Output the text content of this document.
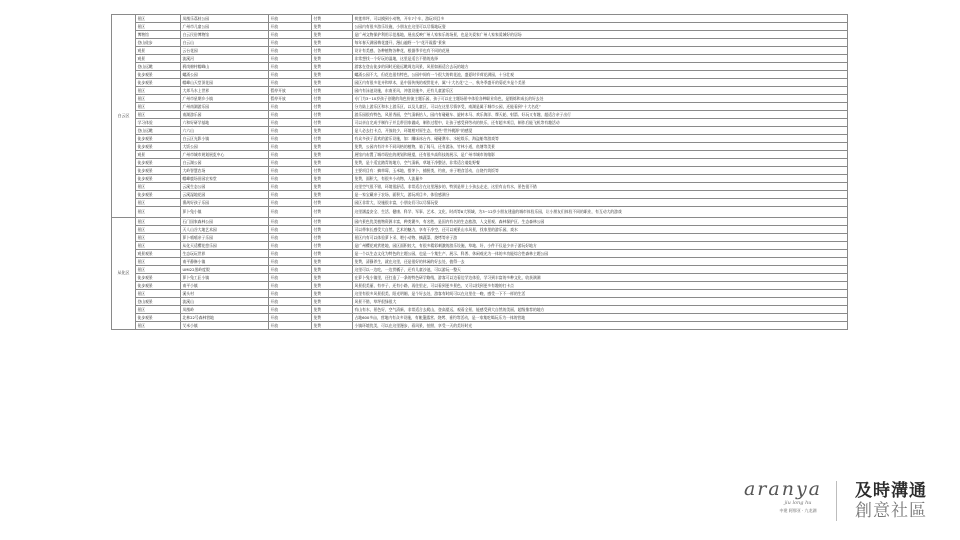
白云区	景区	凤凰乐荔枝公园	开放	付费	荷莲草坪，可以摸到小动物，开车7个车，游玩项目多
	景区	广州市儿童公园	开放	免费	公园内有很多游乐设施，小朋友在这里可以尽情地玩耍
	博物馆	白云民俗博物馆	开放	免费	是广州文物保护利用示范基地，展出反映广州人家家乐的场景，也是关爱家广州人家家爱城好的居场
	登山徒步	白云山	开放	免费	每年春天满园梅花盛开，漫山遍野一个“花开雨露”景象
	观景	云台花园	开放	付费	设计有美感，各种植物各种花，根据季节也有不同的花展
	观景	流溪河	开放	免费	非常想找一个好玩的湿地，这里是适合不错的选择
	登山远眺	鸦岗棉村帽峰山	开放	免费	游客在登山徒步的同时还能远眺周边风景，风景如画适合去玩的地方
	徒步观景	螺涌公园	开放	免费	螺涌公园不大，但花也很有特色，公园中间有一个很大的荷花池，盛夏时节荷花满园，十分壮观
	徒步观景	帽峰山天堂顶花园	开放	免费	园区内有很多花卉和草木，是中国传统的观赏花卉，属“十大名花”之一，秋冬季盛开的菊花多是个美景
	景区	大邦马水上世界	暂停开放	付费	园内有泳池设施，东南亚风，冲浪设施多，还有儿童游乐区
	景区	广州市星期乡小镇	暂停开放	付费	专门为3~10岁孩子创建的角色扮演主题乐园，孩子可以在主题场景中体验各种职业角色，是锻炼和成长的好去处
	景区	广州南湖游乐园	开放	付费	分为陆上游乐区和水上游乐区，以及儿童区，可以在这里尽情享受，南湖是属于城市公园，还能看到“十大名花”
	景区	南湖游乐园	开放	付费	游乐园很有特色，风景秀丽，空气清新怡人，园内有碰碰车、旋转木马、欢乐海洋、摩天轮、射箭、好玩又有趣，超适合亲子出行
	学习体验	六和好研学基地	开放	付费	可以亲自完成手制作子并且带回家做成，制作过程中，让孩子感受到劳动的快乐，还有超多项目，制作后能飞机等有趣活动
	登山远眺	六六山	开放	免费	是人必去打卡点，开放较少，环境相对原生态，有些“世外桃源”的感觉
	徒步观景	白云区光影小镇	开放	付费	有众多孩子喜欢的游乐设施，如：蹦床冰台内、碰碰赛车、水枪娱乐，海盗船等游戏等
	徒步观景	大饭公园	开放	免费	免费，公园内有许多不同风格的植物，骑了骑马，还有游泳，竹林小道，鱼塘等美景
	观景	广州市城市规划展览中心	开放	免费	展馆内布置了城市现在的规划和展望，还有很多高科技的展示，是广州市城市的缩影
	徒步观景	白云湖公园	开放	免费	免费，是个适宜踏青的地方，空气清新，草地干净整洁，非常适合遛娃野餐
	徒步观景	大岭智慧农场	开放	付费	主要项目有：摘草莓，玉米地，搭茅卜，捕捞类，钓鱼，亲子喂食活动，自烧竹筒饭等
	徒步观景	帽峰鹿场田园农家堂	开放	免费	免费，面积大，有很多小动物，人流量多
	景区	云溪生态公园	开放	免费	这里空气很不错，环境很舒适，非常适合在这里漫步的，特别是带上小孩去走走，这里有山有水，景色很不错
	徒步观景	云溪湿地花园	开放	免费	是一家宝藏亲子农场，面积大，游玩项目多，体验感满分
	景区	番禺好孩子乐园	开放	付费	园区非常大，设施很丰富，小朋友们可以尽情玩耍
	景区	萝卜兔小镇	开放	付费	这里涵盖安全、生活、健康、科学、军事、艺术、文化、时尚等8大领域，为3~12岁小朋友建造的城市体验乐园，让小朋友们体验不同的职业，有互动大的游戏
从化区	景区	石门国家森林公园	开放	付费	园内景色优美植物资源丰富，种类繁多，有名胜，是国内有名的生态旅游，人文景观、森林保护区、生态森林公园
	景区	天人山谷大地艺术园	开放	付费	可以带家长感受大自然，艺术的魅力，享有干净空，还可以观景山水风景，找家里的游乐园，戏水
	景区	萝卜嘻嘻亲子乐园	开放	付费	景区内有可以体验萝卜采、喂小动物、摘蔬菜、烧烤等亲子游
	景区	从化天适樱花悠乐园	开放	付费	是广州樱花观赏胜地，园区面积较大，有很多精彩刺激的游乐设施，草地、好，小件不仅是少亲子游玩好地方
	观景观景	生态玩玩世界	开放	付费	是一个以生态文化为特色的主题公园，也是一个集生产、展示、科普、休闲观光为一体的多功能综合性森林主题公园
	景区	南平静修小镇	开放	免费	免费，清静养生，就在这里，还是很好的休闲的好去处，值得一去
	景区	UMI22黑岭度假	开放	免费	这里可以一边吃，一边赏橘子，还有儿童沙池，可以游玩一整天
	徒步观景	萝卜兔工匠小镇	开放	免费	在萝卜兔小镇里，还打造了一条的特色研学路线，游客可以边看边学边体验，学习到丰富的多种文化，收获满满
	徒步观景	南平小镇	开放	免费	风景很美丽，有亭子，还有小路，再往里走，可以看到更多景色，又可以找到更多有趣的打卡点
	景区	溪头村	开放	免费	这里有很多风景很美，阳光明媚，是个好去处，游客有时间可以在这里住一晚，感受一下不一样的生活
	登山观景	流溪山	开放	免费	风景不错，草坪很绿很大
	景区	凤凰岭	开放	免费	有山有水，景色好，空气清新，非常适合去爬山，登高望远，观看全景，能感受到大自然的美丽，超级推荐的地方
	徒步观景	北林22号森林营地	开放	免费	占地600多亩，营地内有众多设施，有帐篷露营、烧烤、垂钓等活动，是一家集吃喝玩乐为一体的营地
	景区	艾米小镇	开放	免费	小镇环境优美，可以在这里漫步，看风景，拍照，享受一天的美好时光
aranya
jiu long hu
中建 阿那亚 · 九龙湖
及時溝通
創意社區
